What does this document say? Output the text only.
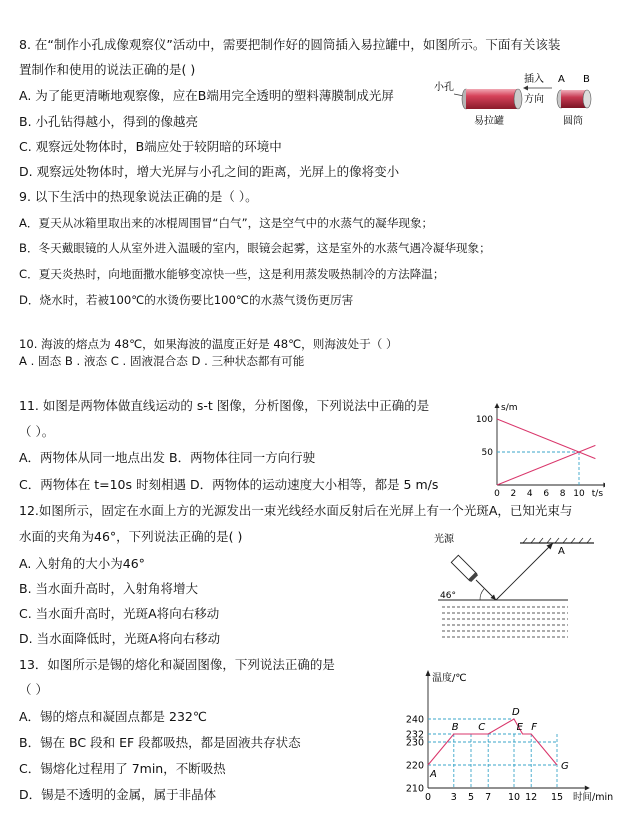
8. 在“制作小孔成像观察仪”活动中，需要把制作好的圆筒插入易拉罐中，如图所示。下面有关该装
置制作和使用的说法正确的是( )
A. 为了能更清晰地观察像，应在B端用完全透明的塑料薄膜制成光屏
B. 小孔钻得越小，得到的像越亮
C. 观察远处物体时，B端应处于较阴暗的环境中
D. 观察远处物体时，增大光屏与小孔之间的距离，光屏上的像将变小
小孔
易拉罐
插入
方向
A B
圆筒
9. 以下生活中的热现象说法正确的是（ ）。
A．夏天从冰箱里取出来的冰棍周围冒“白气”，这是空气中的水蒸气的凝华现象；
B．冬天戴眼镜的人从室外进入温暖的室内，眼镜会起雾，这是室外的水蒸气遇冷凝华现象；
C．夏天炎热时，向地面撒水能够变凉快一些，这是利用蒸发吸热制冷的方法降温；
D．烧水时，若被100℃的水烫伤要比100℃的水蒸气烫伤更厉害
10. 海波的熔点为 48℃，如果海波的温度正好是 48℃，则海波处于（ ）
A . 固态 B . 液态 C . 固液混合态 D . 三种状态都有可能
11. 如图是两物体做直线运动的 s-t 图像，分析图像，下列说法中正确的是
（ ）。
A．两物体从同一地点出发 B．两物体往同一方向行驶
C．两物体在 t=10s 时刻相遇 D．两物体的运动速度大小相等，都是 5 m/s
s/m
50
100
0 2 4 6 8 10 t/s
12.如图所示，固定在水面上方的光源发出一束光线经水面反射后在光屏上有一个光斑A，已知光束与
水面的夹角为46°，下列说法正确的是( )
A. 入射角的大小为46°
B. 当水面升高时，入射角将增大
C. 当水面升高时，光斑A将向右移动
D. 当水面降低时，光斑A将向右移动
光源
A
46°
13．如图所示是锡的熔化和凝固图像，下列说法正确的是
（ ）
A．锡的熔点和凝固点都是 232℃
B．锡在 BC 段和 EF 段都吸热，都是固液共存状态
C．锡熔化过程用了 7min，不断吸热
D．锡是不透明的金属，属于非晶体
温度/℃
210
220
230
232
240
0 3 5 7 10 12 15 时间/min
A
B C
D
E F
G
